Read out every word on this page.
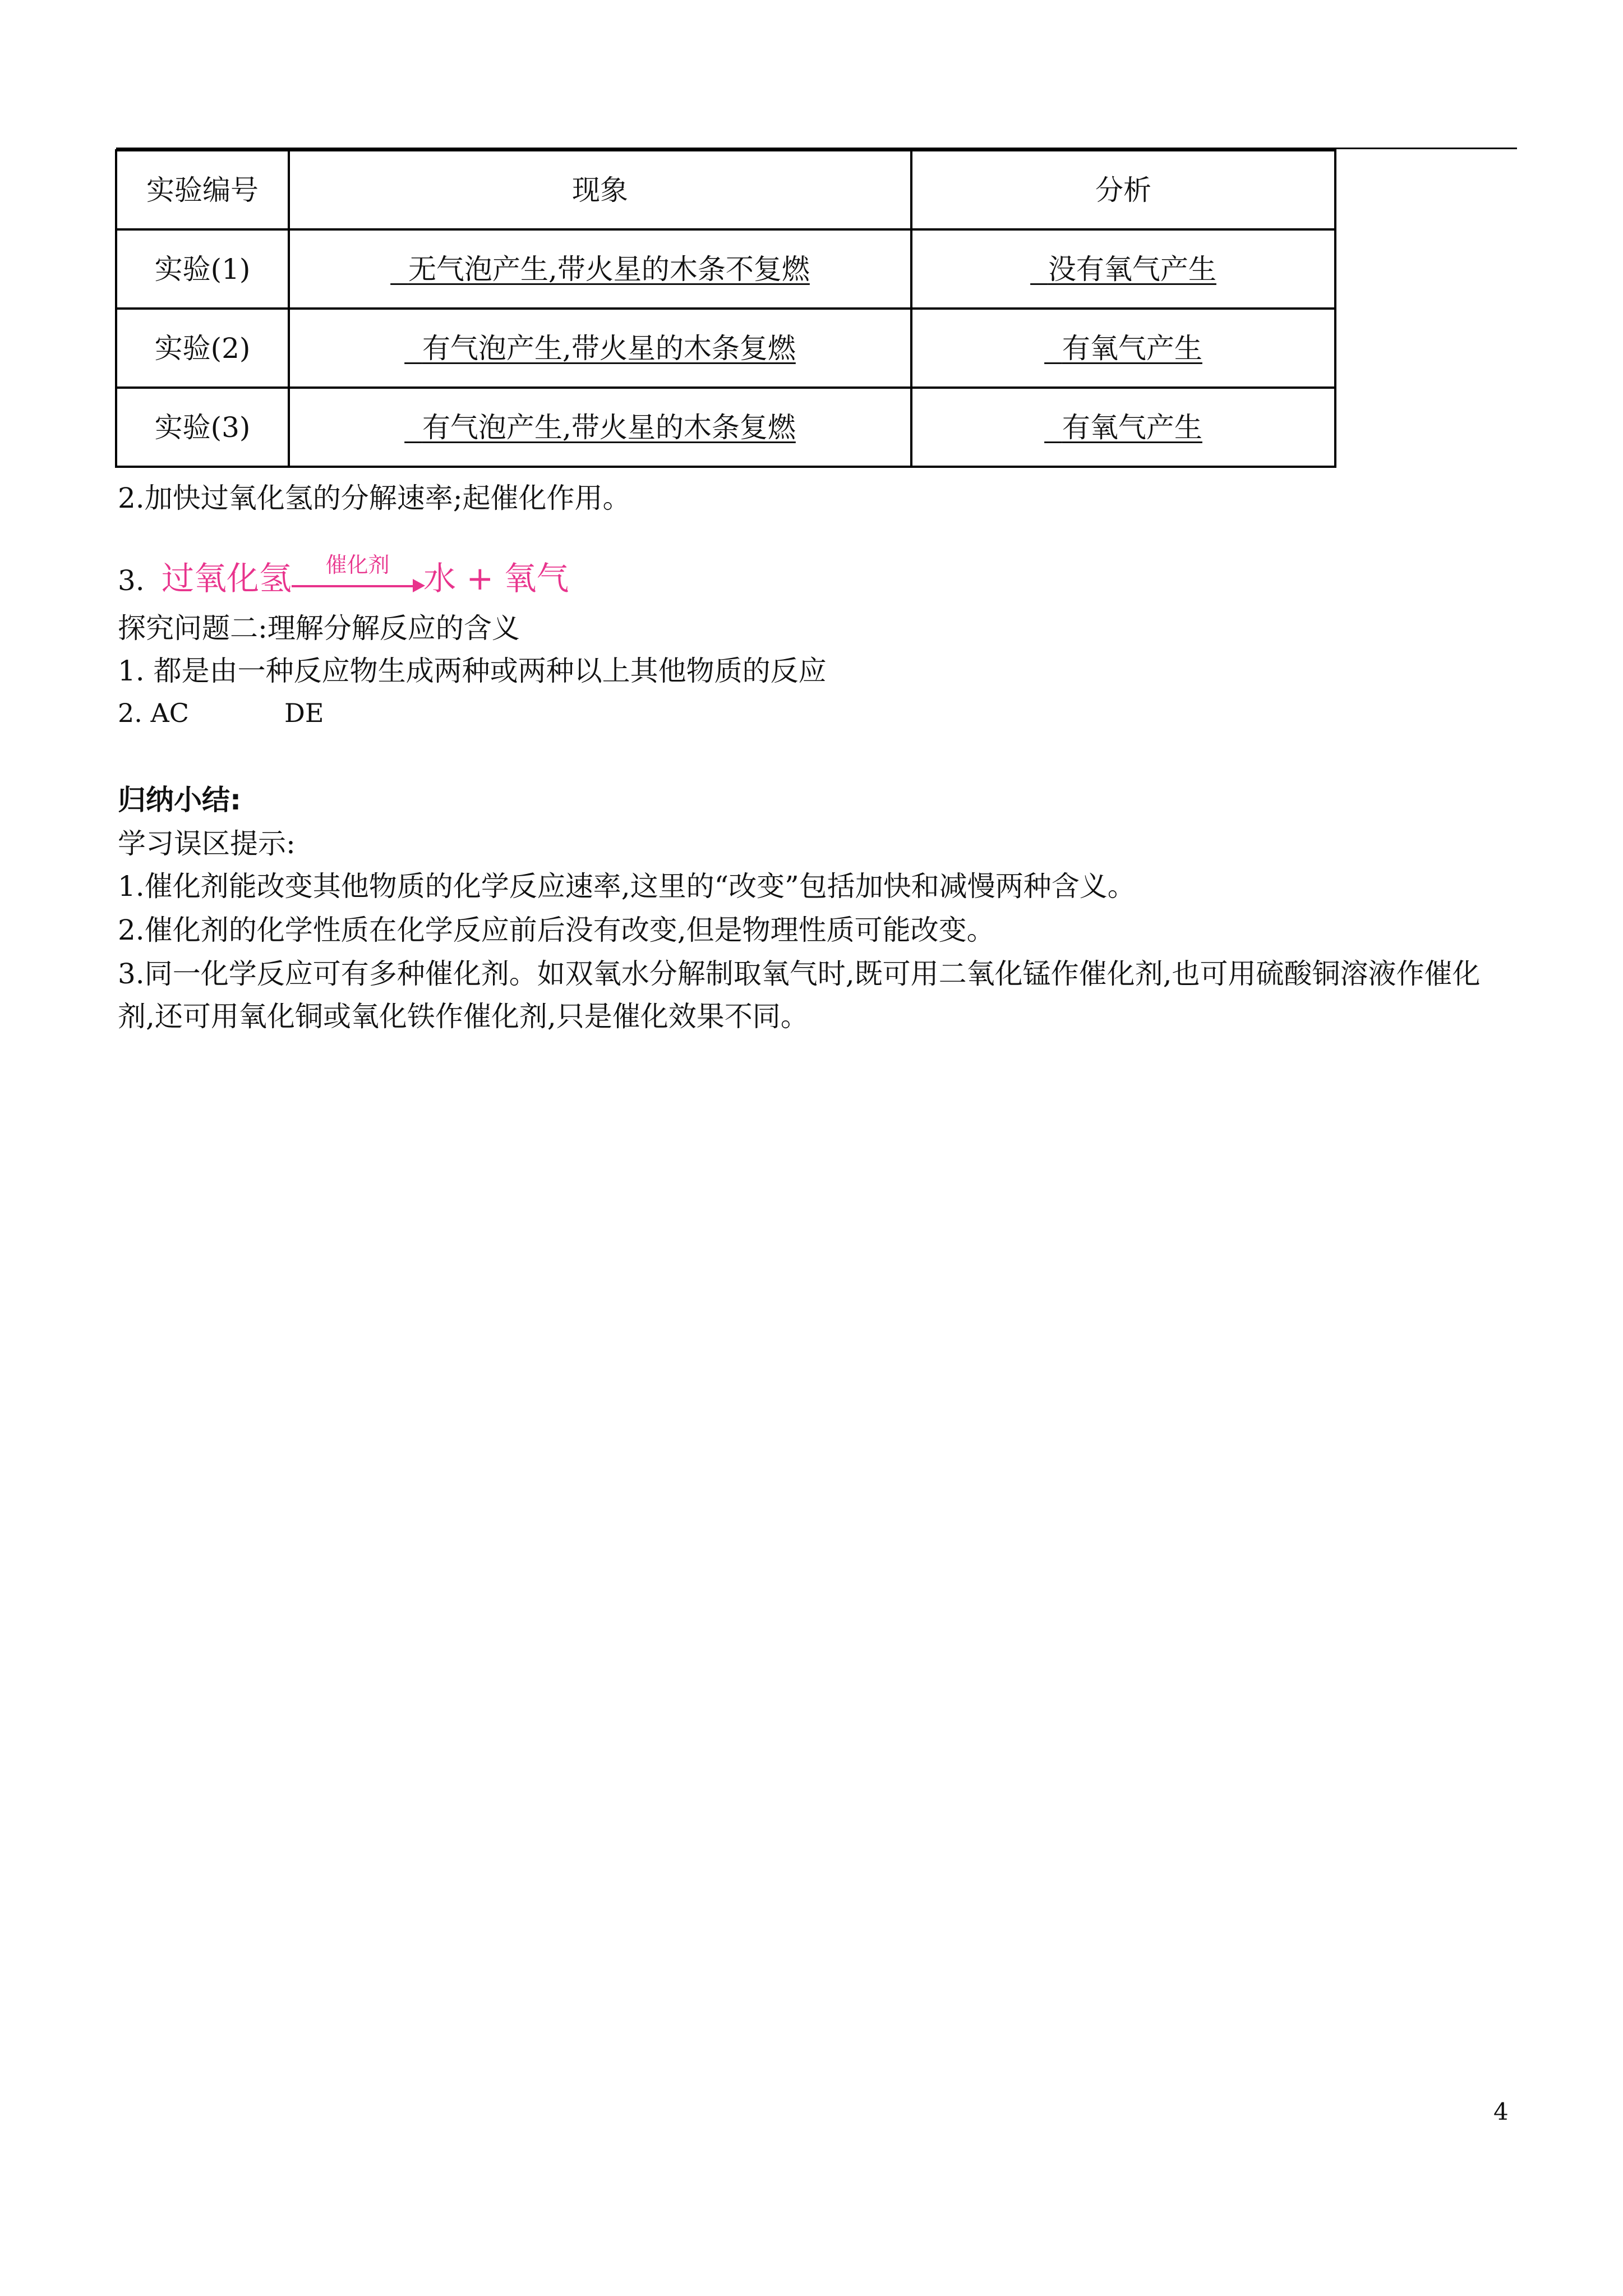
实验编号	现象	分析
实验(1)	无气泡产生,带火星的木条不复燃	没有氧气产生
实验(2)	有气泡产生,带火星的木条复燃	有氧气产生
实验(3)	有气泡产生,带火星的木条复燃	有氧气产生
2.加快过氧化氢的分解速率;起催化作用。
3. 过氧化氢	催化剂	水 + 氧气
探究问题二:理解分解反应的含义
1. 都是由一种反应物生成两种或两种以上其他物质的反应
2. AC	DE
归纳小结:
学习误区提示:
1.催化剂能改变其他物质的化学反应速率,这里的“改变”包括加快和减慢两种含义。
2.催化剂的化学性质在化学反应前后没有改变,但是物理性质可能改变。
3.同一化学反应可有多种催化剂。如双氧水分解制取氧气时,既可用二氧化锰作催化剂,也可用硫酸铜溶液作催化
剂,还可用氧化铜或氧化铁作催化剂,只是催化效果不同。
4
